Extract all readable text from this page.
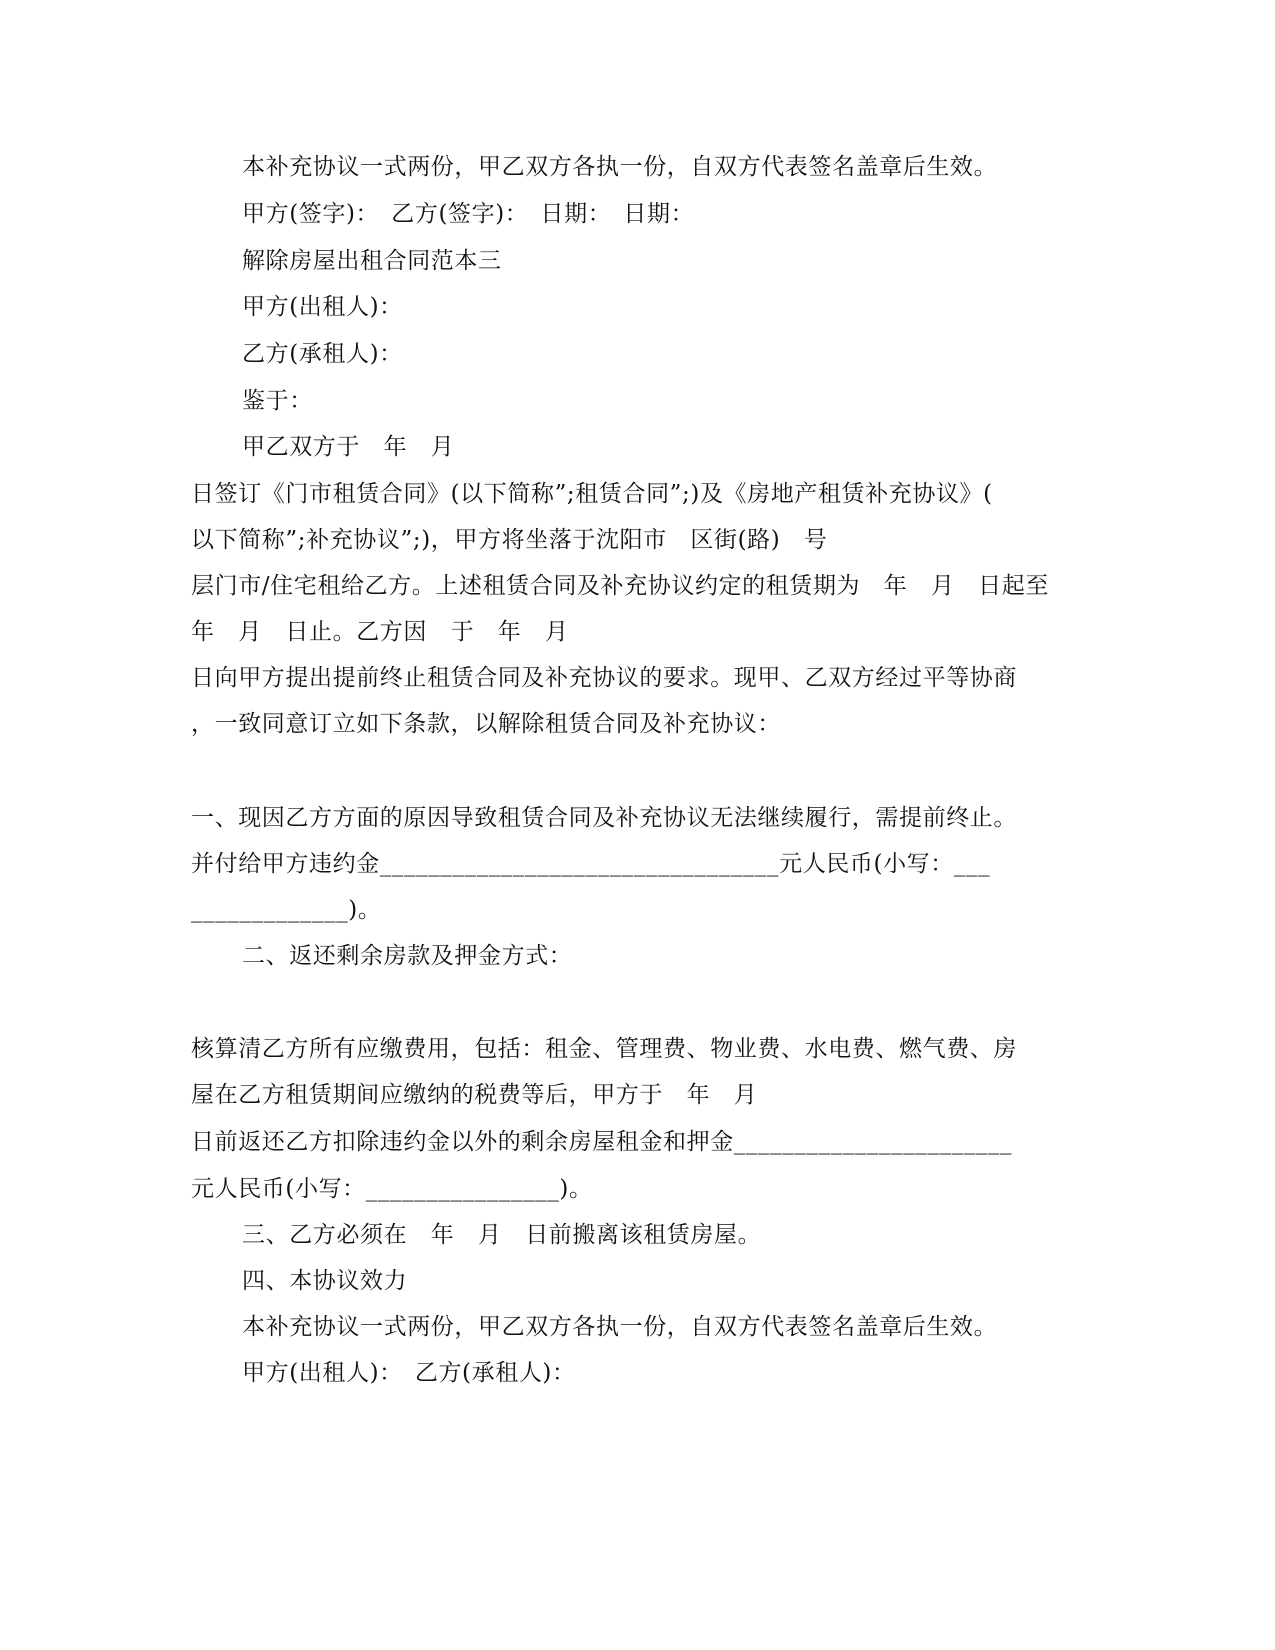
本补充协议一式两份，甲乙双方各执一份，自双方代表签名盖章后生效。
甲方(签字)：　乙方(签字)：　日期：　日期：
解除房屋出租合同范本三
甲方(出租人)：
乙方(承租人)：
鉴于：
甲乙双方于　年　月
日签订《门市租赁合同》(以下简称”;租赁合同”;)及《房地产租赁补充协议》(
以下简称”;补充协议”;)，甲方将坐落于沈阳市　区街(路)　号
层门市/住宅租给乙方。上述租赁合同及补充协议约定的租赁期为　年　月　日起至
年　月　日止。乙方因　于　年　月
日向甲方提出提前终止租赁合同及补充协议的要求。现甲、乙双方经过平等协商
，一致同意订立如下条款，以解除租赁合同及补充协议：
一、现因乙方方面的原因导致租赁合同及补充协议无法继续履行，需提前终止。
并付给甲方违约金_________________________________元人民币(小写：___
_____________)。
二、返还剩余房款及押金方式：
核算清乙方所有应缴费用，包括：租金、管理费、物业费、水电费、燃气费、房
屋在乙方租赁期间应缴纳的税费等后，甲方于　年　月
日前返还乙方扣除违约金以外的剩余房屋租金和押金_______________________
元人民币(小写：________________)。
三、乙方必须在　年　月　日前搬离该租赁房屋。
四、本协议效力
本补充协议一式两份，甲乙双方各执一份，自双方代表签名盖章后生效。
甲方(出租人)：　乙方(承租人)：
